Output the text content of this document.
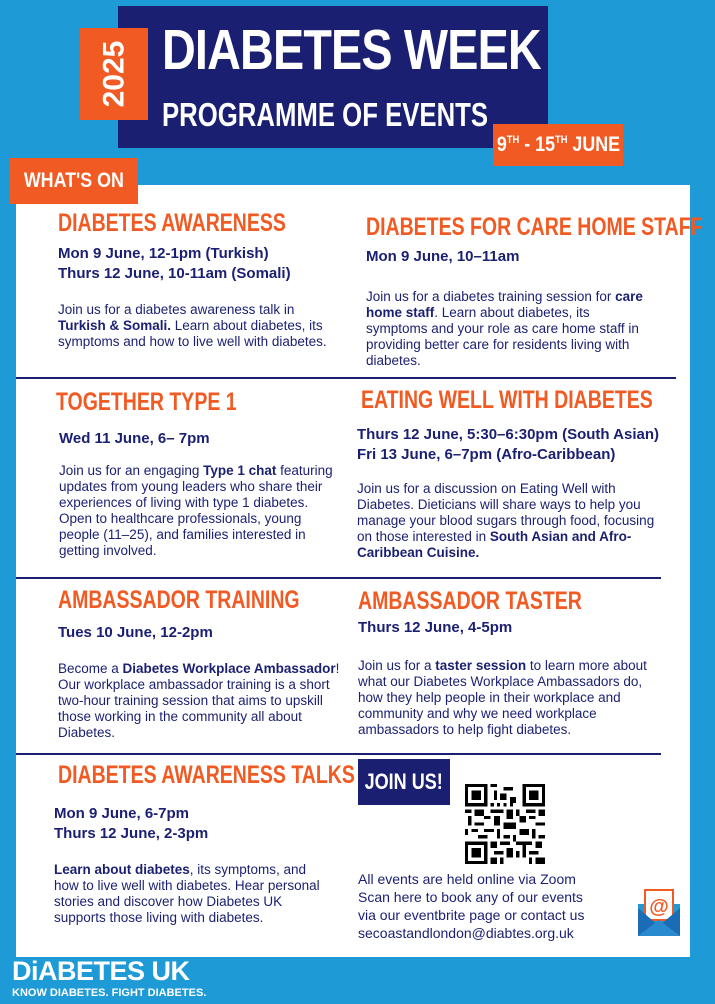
2025 DIABETES WEEK
PROGRAMME OF EVENTS
9TH - 15TH JUNE
WHAT'S ON
DIABETES AWARENESS
Mon 9 June, 12-1pm (Turkish)
Thurs 12 June, 10-11am (Somali)
Join us for a diabetes awareness talk in Turkish & Somali. Learn about diabetes, its symptoms and how to live well with diabetes.
DIABETES FOR CARE HOME STAFF
Mon 9 June, 10–11am
Join us for a diabetes training session for care home staff. Learn about diabetes, its symptoms and your role as care home staff in providing better care for residents living with diabetes.
TOGETHER TYPE 1
Wed 11 June, 6– 7pm
Join us for an engaging Type 1 chat featuring updates from young leaders who share their experiences of living with type 1 diabetes. Open to healthcare professionals, young people (11–25), and families interested in getting involved.
EATING WELL WITH DIABETES
Thurs 12 June, 5:30–6:30pm (South Asian)
Fri 13 June, 6–7pm (Afro-Caribbean)
Join us for a discussion on Eating Well with Diabetes. Dieticians will share ways to help you manage your blood sugars through food, focusing on those interested in South Asian and Afro-Caribbean Cuisine.
AMBASSADOR TRAINING
Tues 10 June, 12-2pm
Become a Diabetes Workplace Ambassador! Our workplace ambassador training is a short two-hour training session that aims to upskill those working in the community all about Diabetes.
AMBASSADOR TASTER
Thurs 12 June, 4-5pm
Join us for a taster session to learn more about what our Diabetes Workplace Ambassadors do, how they help people in their workplace and community and why we need workplace ambassadors to help fight diabetes.
DIABETES AWARENESS TALKS
Mon 9 June, 6-7pm
Thurs 12 June, 2-3pm
Learn about diabetes, its symptoms, and how to live well with diabetes. Hear personal stories and discover how Diabetes UK supports those living with diabetes.
JOIN US!
All events are held online via Zoom
Scan here to book any of our events
via our eventbrite page or contact us
secoastandlondon@diabtes.org.uk
@
DiABETES UK
KNOW DIABETES. FIGHT DIABETES.
